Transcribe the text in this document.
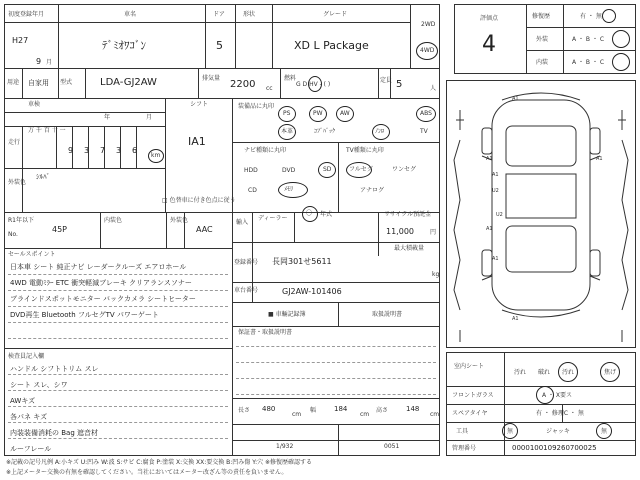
初度登録年月
H27
9 月
車名
ﾃﾞﾐｵﾜｺﾞﾝ
ドア
5
形状	グレード
XD L Package
2WD
4WD
用途 自家用 型式	LDA-GJ2AW	排気量
2200 cc
燃料
G D HV - ( )
定員 5	人
評価点
4
修復歴	有 ・ 無
外装	A ・ B ・ C
内装	A ・ B ・ C
車検
年	月
万 千 百 十 一
走行
9 3 7 3 6
km
シフト
IA1
外装色
ｼﾙﾊﾞ
□ 色替車に付き色点に従う
装備品に丸印
PS	PW	AW
本革	ｺﾌﾞﾊﾞｯｸ	ﾉﾝﾛ
ABS
TV
ナビ種類に丸印
HDD	DVD	SD
CD	ﾒﾓﾘ
TV種類に丸印
フルセグ	ワンセグ
アナログ
輸入
ディーラー
〇 年式	リサイクル預託金
11,000	円
登録番号 長岡301せ5611
車台番号	GJ2AW-101406
最大積載量
kg
■ 車輛記録簿	取扱説明書
保証書・取扱説明書
長さ 480
cm
幅	184
cm
高さ	148
cm
1/932	0051
R1年以下
No.
45P
内装色	外装色
AAC
セールスポイント
日本車 シート 純正ナビ レーダークルーズ エアロホール
4WD 電動ﾐﾗｰ ETC 衝突軽減ブレーキ クリアランスソナー
ブラインドスポットモニター バックカメラ シートヒーター
DVD再生 Bluetooth フルセグTV パワーゲート
検査員記入欄
ハンドル シフトトリム スレ
シート スレ、シワ
AWキズ
各パネ キズ
内装装備消耗の Bag 遮音材
ルーフレール
A1
A1	A1
A1
A1
U2
U2
A1
A1
室内シート
汚れ 破れ 汚れ	焦げ
フロントガラス	A ・ X要ス
スペアタイヤ	有 ・ 修理C ・ 無
工具	無	ジャッキ	無
管理番号	0000100109260700025
※記載の記号凡例 A:小キズ U:凹み W:波 S:サビ C:腐食 P:塗装 X:交換 XX:要交換 B:凹み傷 Y:穴 ※修復歴確認する
※上記メーター交換の有無を確認してください。当社においてはメーター改ざん等の責任を負いません。
